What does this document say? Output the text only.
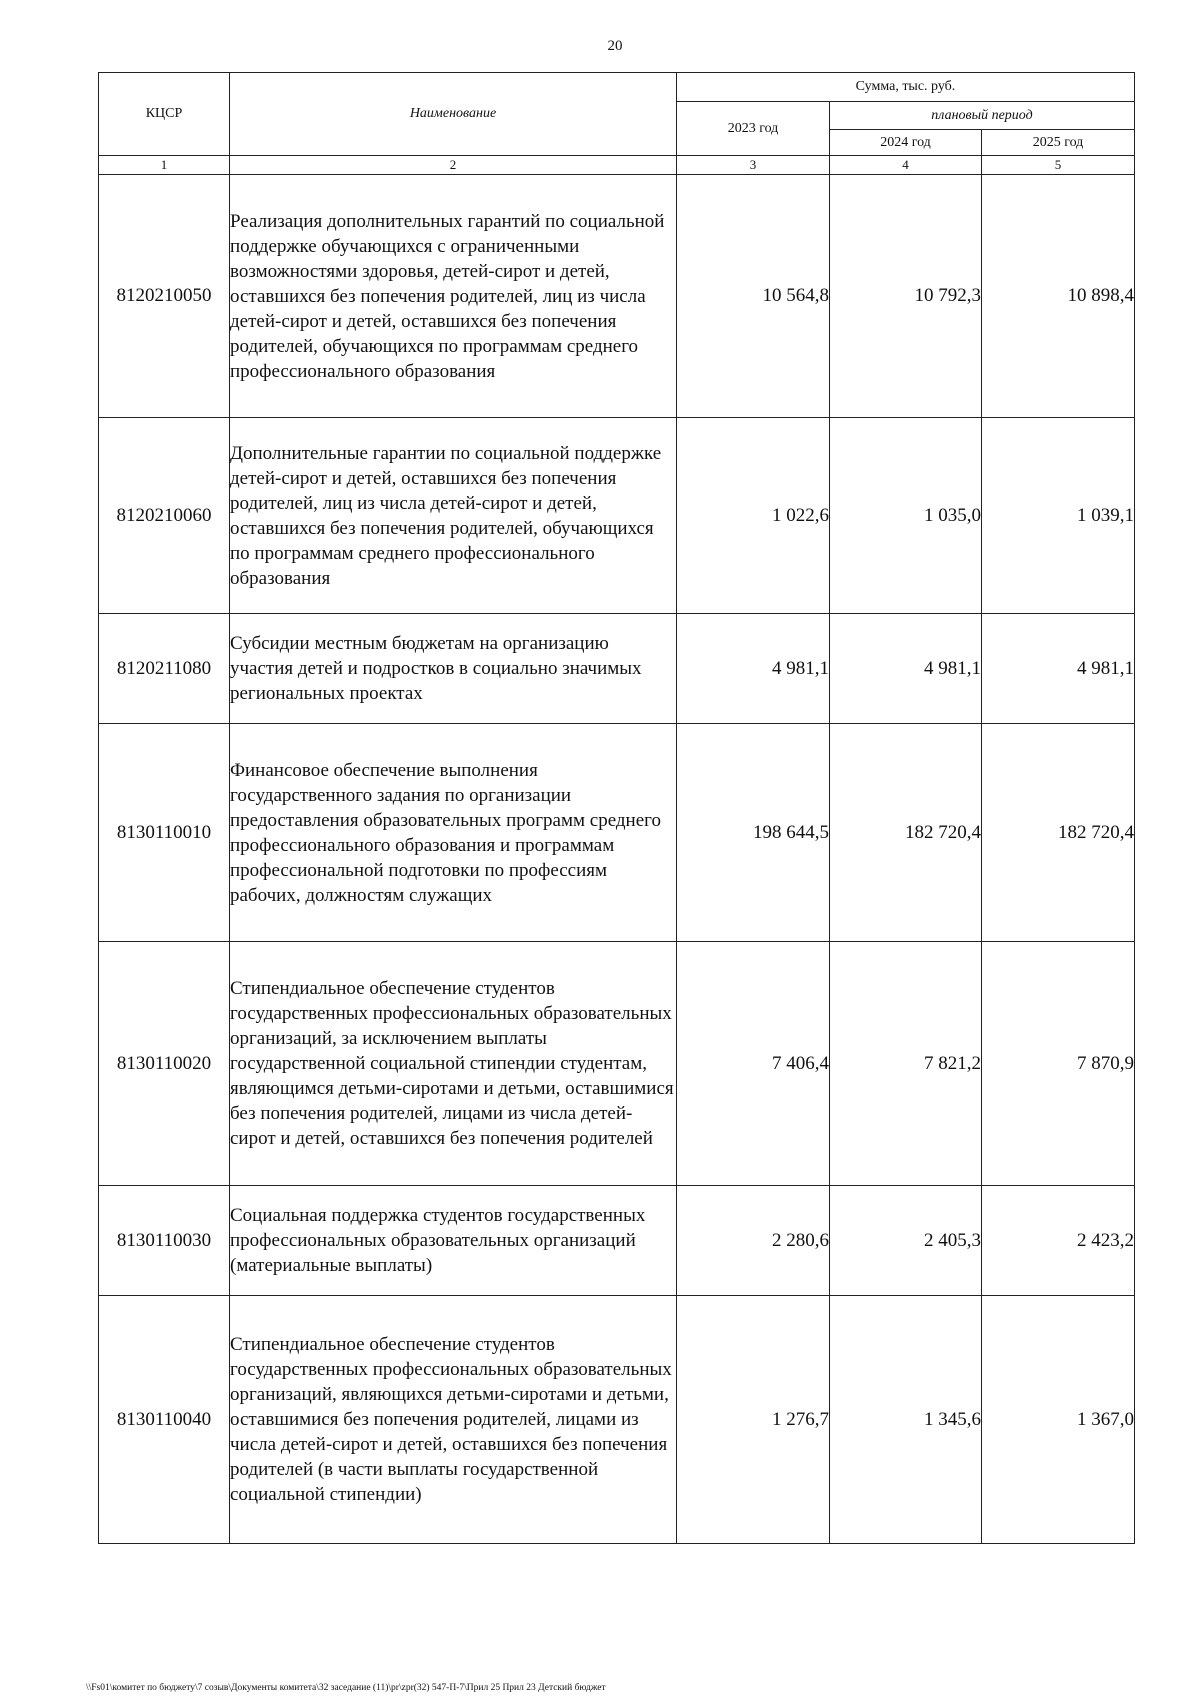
20
КЦСР	Наименование	Сумма, тыс. руб.		
		2023 год	плановый период	
			2024 год	2025 год
1	2	3	4	5
8120210050	Реализация дополнительных гарантий по социальной поддержке обучающихся с ограниченными возможностями здоровья, детей-сирот и детей, оставшихся без попечения родителей, лиц из числа детей-сирот и детей, оставшихся без попечения родителей, обучающихся по программам среднего профессионального образования	10 564,8	10 792,3	10 898,4
8120210060	Дополнительные гарантии по социальной поддержке детей-сирот и детей, оставшихся без попечения родителей, лиц из числа детей-сирот и детей, оставшихся без попечения родителей, обучающихся по программам среднего профессионального образования	1 022,6	1 035,0	1 039,1
8120211080	Субсидии местным бюджетам на организацию участия детей и подростков в социально значимых региональных проектах	4 981,1	4 981,1	4 981,1
8130110010	Финансовое обеспечение выполнения государственного задания по организации предоставления образовательных программ среднего профессионального образования и программам профессиональной подготовки по профессиям рабочих, должностям служащих	198 644,5	182 720,4	182 720,4
8130110020	Стипендиальное обеспечение студентов государственных профессиональных образовательных организаций, за исключением выплаты государственной социальной стипендии студентам, являющимся детьми-сиротами и детьми, оставшимися без попечения родителей, лицами из числа детей-сирот и детей, оставшихся без попечения родителей	7 406,4	7 821,2	7 870,9
8130110030	Социальная поддержка студентов государственных профессиональных образовательных организаций (материальные выплаты)	2 280,6	2 405,3	2 423,2
8130110040	Стипендиальное обеспечение студентов государственных профессиональных образовательных организаций, являющихся детьми-сиротами и детьми, оставшимися без попечения родителей, лицами из числа детей-сирот и детей, оставшихся без попечения родителей (в части выплаты государственной социальной стипендии)	1 276,7	1 345,6	1 367,0
\\Fs01\комитет по бюджету\7 созыв\Документы комитета\32 заседание (11)\pr\zpr(32) 547-П-7\Прил 25 Прил 23 Детский бюджет
